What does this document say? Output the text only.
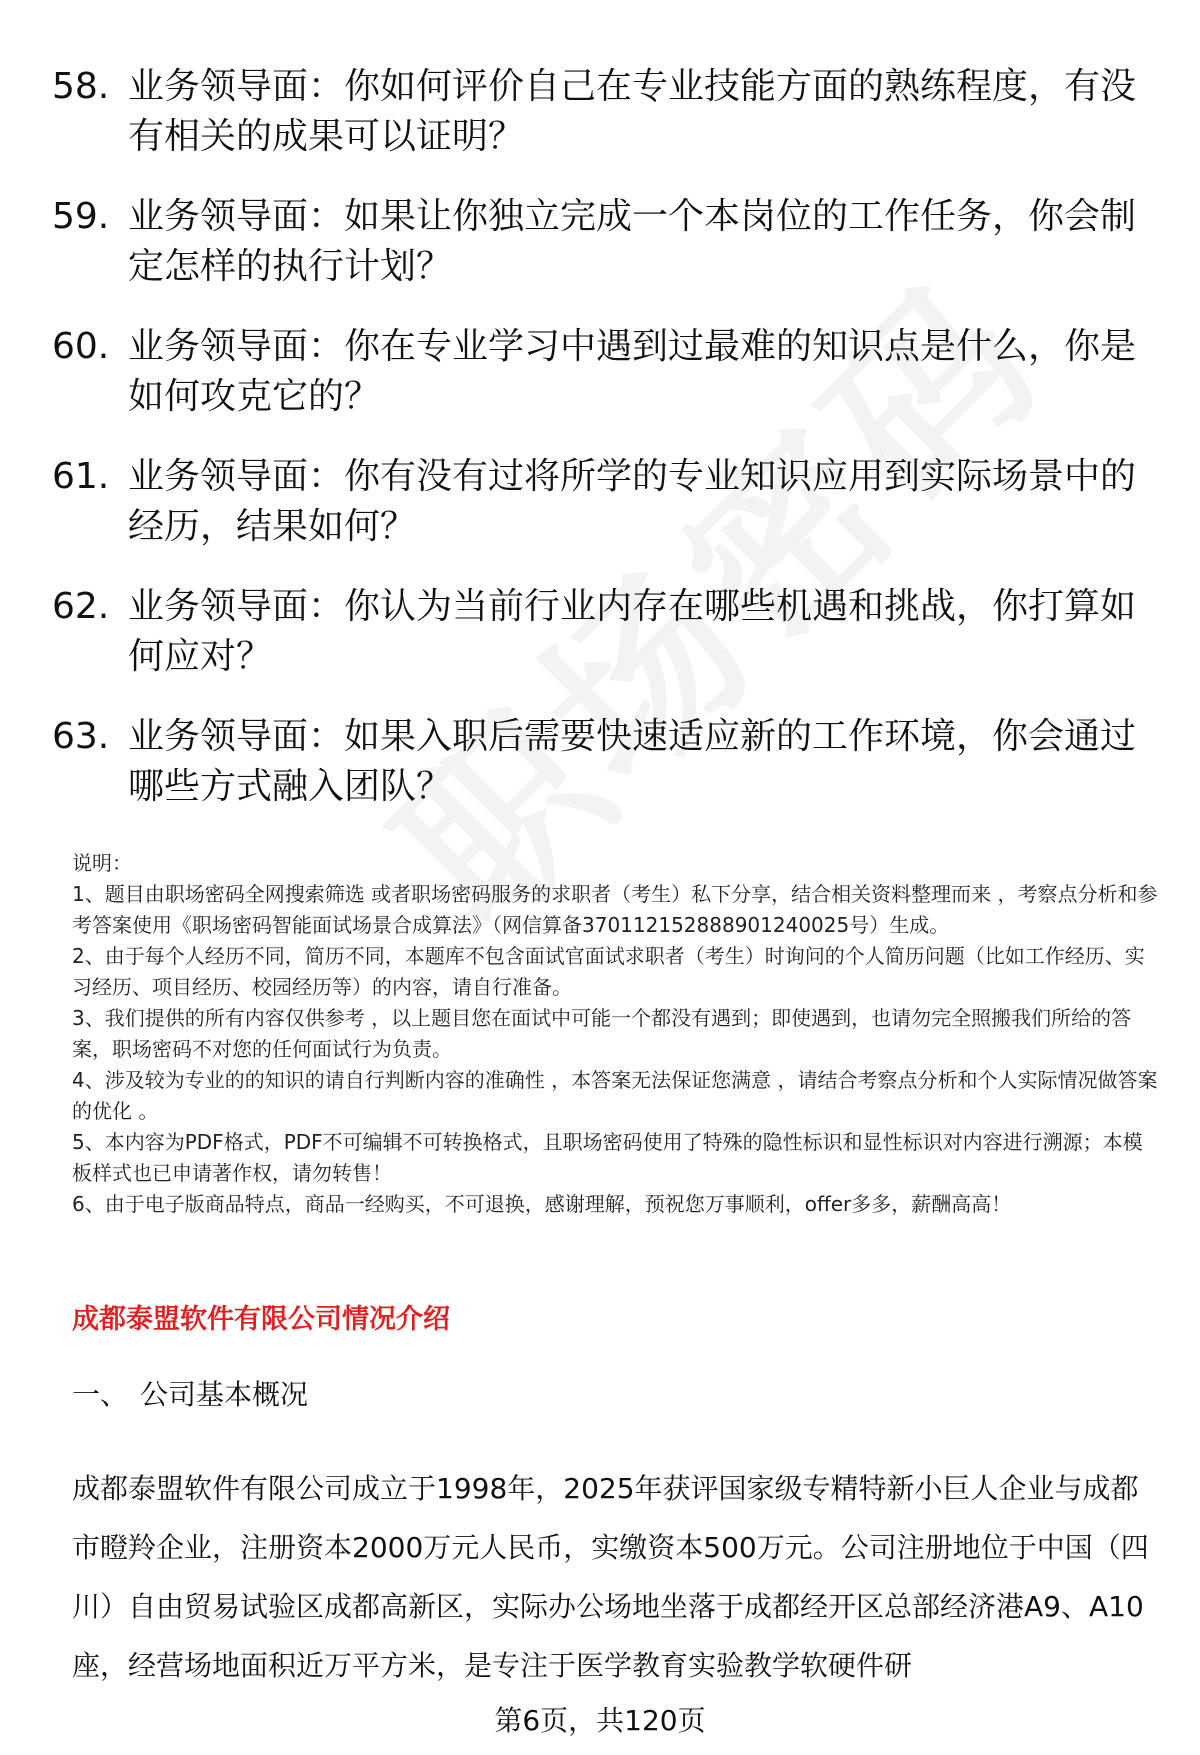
58. 业务领导面：你如何评价自己在专业技能方面的熟练程度，有没有相关的成果可以证明？
59. 业务领导面：如果让你独立完成一个本岗位的工作任务，你会制定怎样的执行计划？
60. 业务领导面：你在专业学习中遇到过最难的知识点是什么，你是如何攻克它的？
61. 业务领导面：你有没有过将所学的专业知识应用到实际场景中的经历，结果如何？
62. 业务领导面：你认为当前行业内存在哪些机遇和挑战，你打算如何应对？
63. 业务领导面：如果入职后需要快速适应新的工作环境，你会通过哪些方式融入团队？

说明：

1、题目由职场密码全网搜索筛选 或者职场密码服务的求职者（考生）私下分享，结合相关资料整理而来 ，考察点分析和参考答案使用《职场密码智能面试场景合成算法》（网信算备370112152888901240025号）生成。

2、由于每个人经历不同，简历不同，本题库不包含面试官面试求职者（考生）时询问的个人简历问题（比如工作经历、实习经历、项目经历、校园经历等）的内容，请自行准备。

3、我们提供的所有内容仅供参考 ，以上题目您在面试中可能一个都没有遇到；即使遇到，也请勿完全照搬我们所给的答案，职场密码不对您的任何面试行为负责。

4、涉及较为专业的的知识的请自行判断内容的准确性 ，本答案无法保证您满意 ，请结合考察点分析和个人实际情况做答案的优化 。

5、本内容为PDF格式，PDF不可编辑不可转换格式，且职场密码使用了特殊的隐性标识和显性标识对内容进行溯源；本模板样式也已申请著作权，请勿转售！

6、由于电子版商品特点，商品一经购买，不可退换，感谢理解，预祝您万事顺利，offer多多，薪酬高高！

成都泰盟软件有限公司情况介绍
一、 公司基本概况

成都泰盟软件有限公司成立于1998年，2025年获评国家级专精特新小巨人企业与成都市瞪羚企业，注册资本2000万元人民币，实缴资本500万元。公司注册地位于中国（四川）自由贸易试验区成都高新区，实际办公场地坐落于成都经开区总部经济港A9、A10座，经营场地面积近万平方米，是专注于医学教育实验教学软硬件研

第6页，共120页
